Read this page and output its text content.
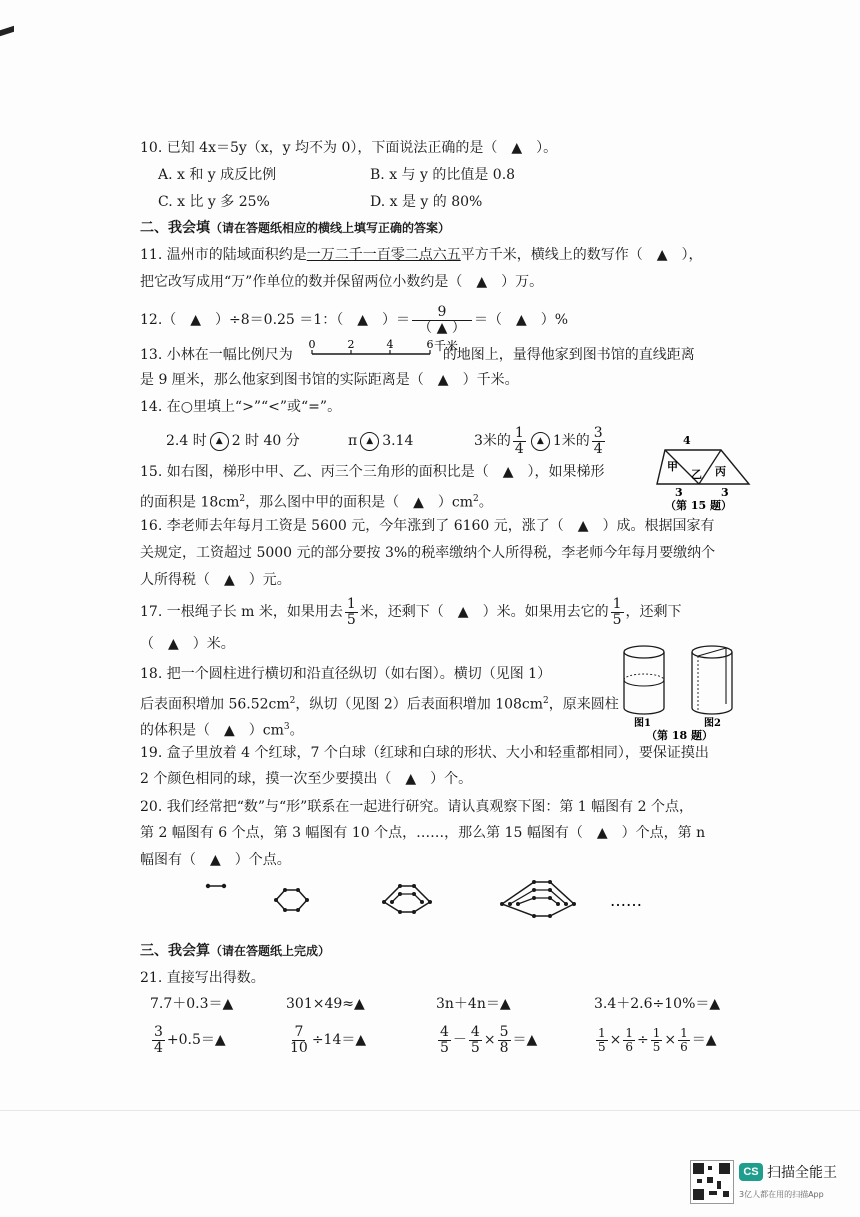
10. 已知 4x＝5y（x，y 均不为 0），下面说法正确的是（　▲　）。
A. x 和 y 成反比例	B. x 与 y 的比值是 0.8
C. x 比 y 多 25%	D. x 是 y 的 80%
二、我会填（请在答题纸相应的横线上填写正确的答案）
11. 温州市的陆域面积约是一万二千一百零二点六五平方千米，横线上的数写作（　▲　），
把它改写成用“万”作单位的数并保留两位小数约是（　▲　）万。
12.（　▲　）÷8＝0.25 ＝1：（　▲　）＝ $\frac{9}{( ▲ )}$ ＝（　▲　）%
13. 小林在一幅比例尺为	的地图上，量得他家到图书馆的直线距离
0	2	4	6 千米
是 9 厘米，那么他家到图书馆的实际距离是（　▲　）千米。
14. 在○里填上“>”“<”或“=”。
2.4 时	▲ 2 时 40 分	π	▲ 3.14	3米的 $\frac{1}{4}$	▲ 1米的 $\frac{3}{4}$	4
甲
乙 丙
3	3
（第 15 题）
15. 如右图，梯形中甲、乙、丙三个三角形的面积比是（　▲　），如果梯形
的面积是 $18cm^2$，那么图中甲的面积是（　▲　）$cm^2$。
16. 李老师去年每月工资是 5600 元，今年涨到了 6160 元，涨了（　▲　）成。根据国家有
关规定，工资超过 5000 元的部分要按 3%的税率缴纳个人所得税，李老师今年每月要缴纳个
人所得税（　▲　）元。
17. 一根绳子长 m 米，如果用去 $\frac{1}{5}$ 米，还剩下（　▲　）米。如果用去它的 $\frac{1}{5}$ ，还剩下
（　▲　）米。
18. 把一个圆柱进行横切和沿直径纵切（如右图）。横切（见图 1）
后表面积增加 $56.52cm^2$，纵切（见图 2）后表面积增加 $108cm^2$，原来圆柱
的体积是（　▲　）$cm^3$。	图1	图2
（第 18 题）
19. 盒子里放着 4 个红球，7 个白球（红球和白球的形状、大小和轻重都相同），要保证摸出
2 个颜色相同的球，摸一次至少要摸出（　▲　）个。
20. 我们经常把“数”与“形”联系在一起进行研究。请认真观察下图：第 1 幅图有 2 个点，
第 2 幅图有 6 个点，第 3 幅图有 10 个点，……，那么第 15 幅图有（　▲　）个点，第 n
幅图有（　▲　）个点。
……
三、我会算（请在答题纸上完成）
21. 直接写出得数。
7.7＋0.3＝▲	301×49≈▲	3n＋4n＝▲	3.4＋2.6÷10%＝▲
$\frac{3}{4}$ +0.5＝▲	$\frac{7}{10}$ ÷14＝▲	$\frac{4}{5} - \frac{4}{5} \times \frac{5}{8}$ ＝▲	$\frac{1}{5} \times \frac{1}{6} \div \frac{1}{5} \times \frac{1}{6}$ ＝▲
CS 扫描全能王
3亿人都在用的扫描App
